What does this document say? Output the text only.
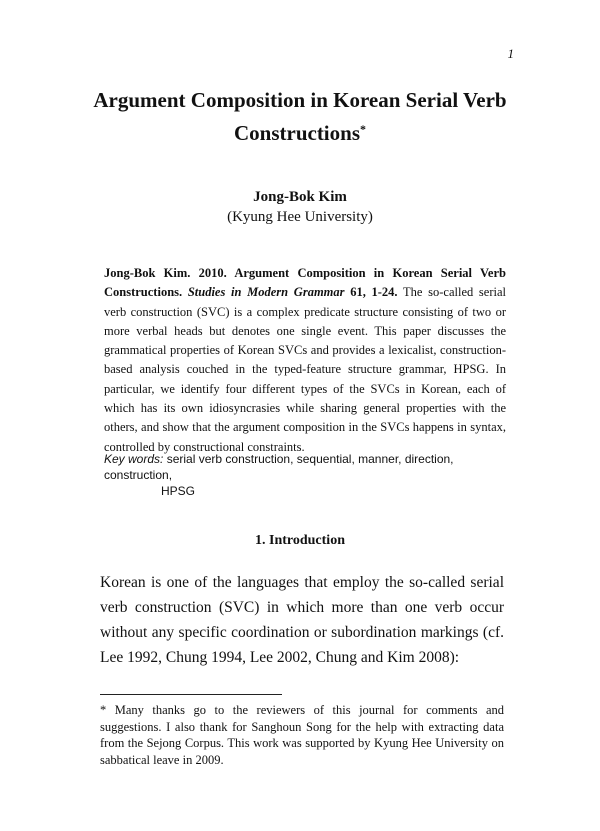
1
Argument Composition in Korean Serial Verb
Constructions*
Jong-Bok Kim
(Kyung Hee University)
Jong-Bok Kim. 2010. Argument Composition in Korean Serial Verb Constructions. Studies in Modern Grammar 61, 1-24. The so-called serial verb construction (SVC) is a complex predicate structure consisting of two or more verbal heads but denotes one single event. This paper discusses the grammatical properties of Korean SVCs and provides a lexicalist, construction-based analysis couched in the typed-feature structure grammar, HPSG. In particular, we identify four different types of the SVCs in Korean, each of which has its own idiosyncrasies while sharing general properties with the others, and show that the argument composition in the SVCs happens in syntax, controlled by constructional constraints.
Key words: serial verb construction, sequential, manner, direction, construction,
HPSG
1. Introduction
Korean is one of the languages that employ the so-called serial verb construction (SVC) in which more than one verb occur without any specific coordination or subordination markings (cf. Lee 1992, Chung 1994, Lee 2002, Chung and Kim 2008):
* Many thanks go to the reviewers of this journal for comments and suggestions. I also thank for Sanghoun Song for the help with extracting data from the Sejong Corpus. This work was supported by Kyung Hee University on sabbatical leave in 2009.
